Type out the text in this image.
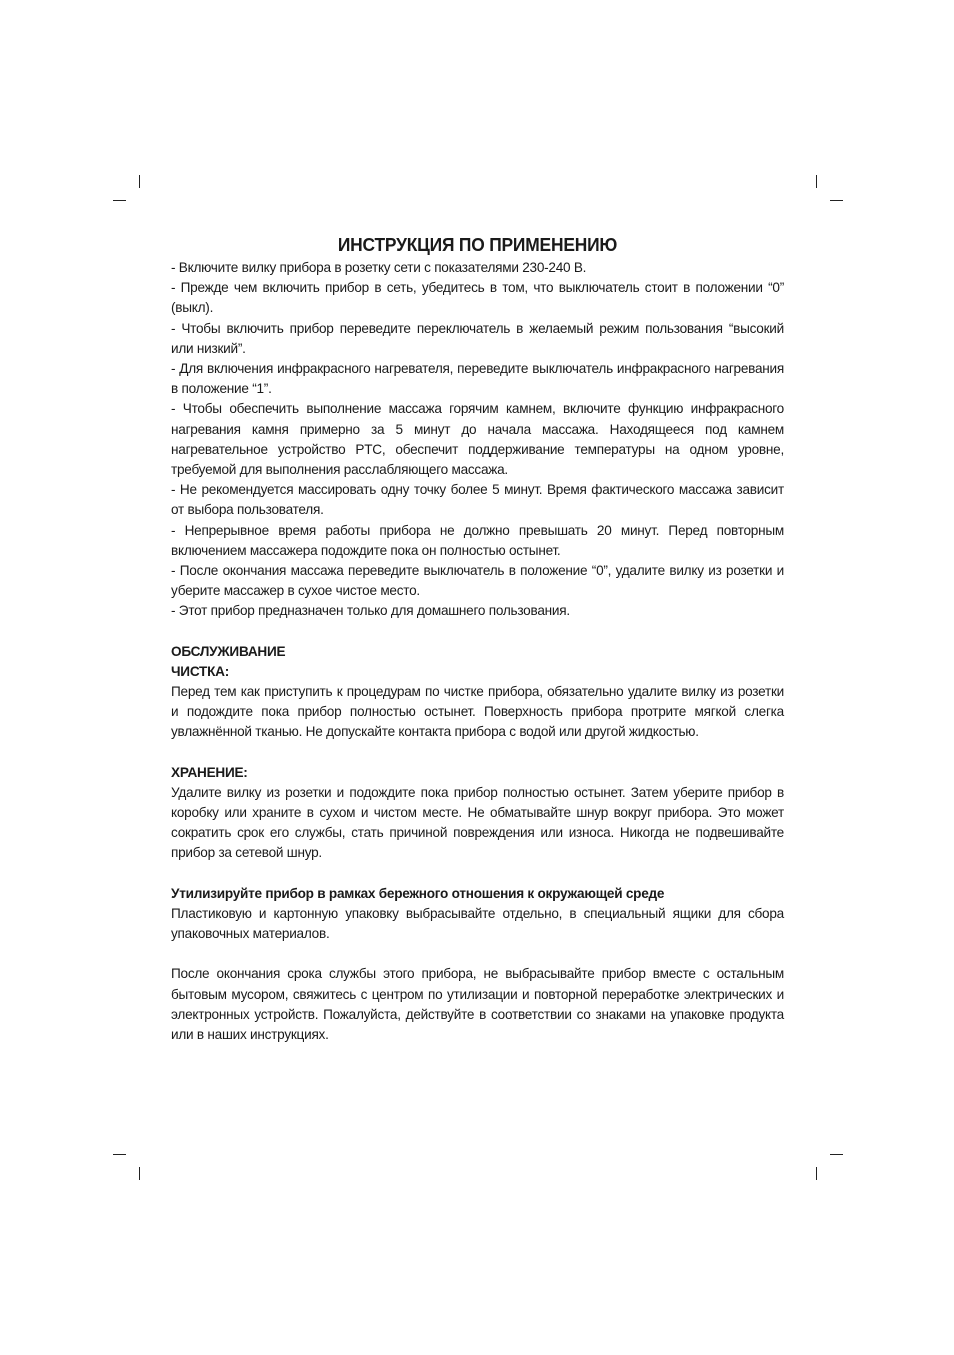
ИНСТРУКЦИЯ ПО ПРИМЕНЕНИЮ

- Включите вилку прибора в розетку сети с показателями 230-240 В.

- Прежде чем включить прибор в сеть, убедитесь в том, что выключатель стоит в положении “0” (выкл).

- Чтобы включить прибор переведите переключатель в желаемый режим пользования “высокий или низкий”.

- Для включения инфракрасного нагревателя, переведите выключатель инфракрасного нагревания в положение “1”.

- Чтобы обеспечить выполнение массажа горячим камнем, включите функцию инфракрасного нагревания камня примерно за 5 минут до начала массажа. Находящееся под камнем нагревательное устройство PTC, обеспечит поддерживание температуры на одном уровне, требуемой для выполнения расслабляющего массажа.

- Не рекомендуется массировать одну точку более 5 минут. Время фактического массажа зависит от выбора пользователя.

- Непрерывное время работы прибора не должно превышать 20 минут. Перед повторным включением массажера подождите пока он полностью остынет.

- После окончания массажа переведите выключатель в положение “0”, удалите вилку из розетки и уберите массажер в сухое чистое место.

- Этот прибор предназначен только для домашнего пользования.

ОБСЛУЖИВАНИЕ

ЧИСТКА:

Перед тем как приступить к процедурам по чистке прибора, обязательно удалите вилку из розетки и подождите пока прибор полностью остынет. Поверхность прибора протрите мягкой слегка увлажнённой тканью. Не допускайте контакта прибора с водой или другой жидкостью.

ХРАНЕНИЕ:

Удалите вилку из розетки и подождите пока прибор полностью остынет. Затем уберите прибор в коробку или храните в сухом и чистом месте. Не обматывайте шнур вокруг прибора. Это может сократить срок его службы, стать причиной повреждения или износа. Никогда не подвешивайте прибор за сетевой шнур.

Утилизируйте прибор в рамках бережного отношения к окружающей среде

Пластиковую и картонную упаковку выбрасывайте отдельно, в специальный ящики для сбора упаковочных материалов.

После окончания срока службы этого прибора, не выбрасывайте прибор вместе с остальным бытовым мусором, свяжитесь с центром по утилизации и повторной переработке электрических и электронных устройств. Пожалуйста, действуйте в соответствии со знаками на упаковке продукта или в наших инструкциях.
